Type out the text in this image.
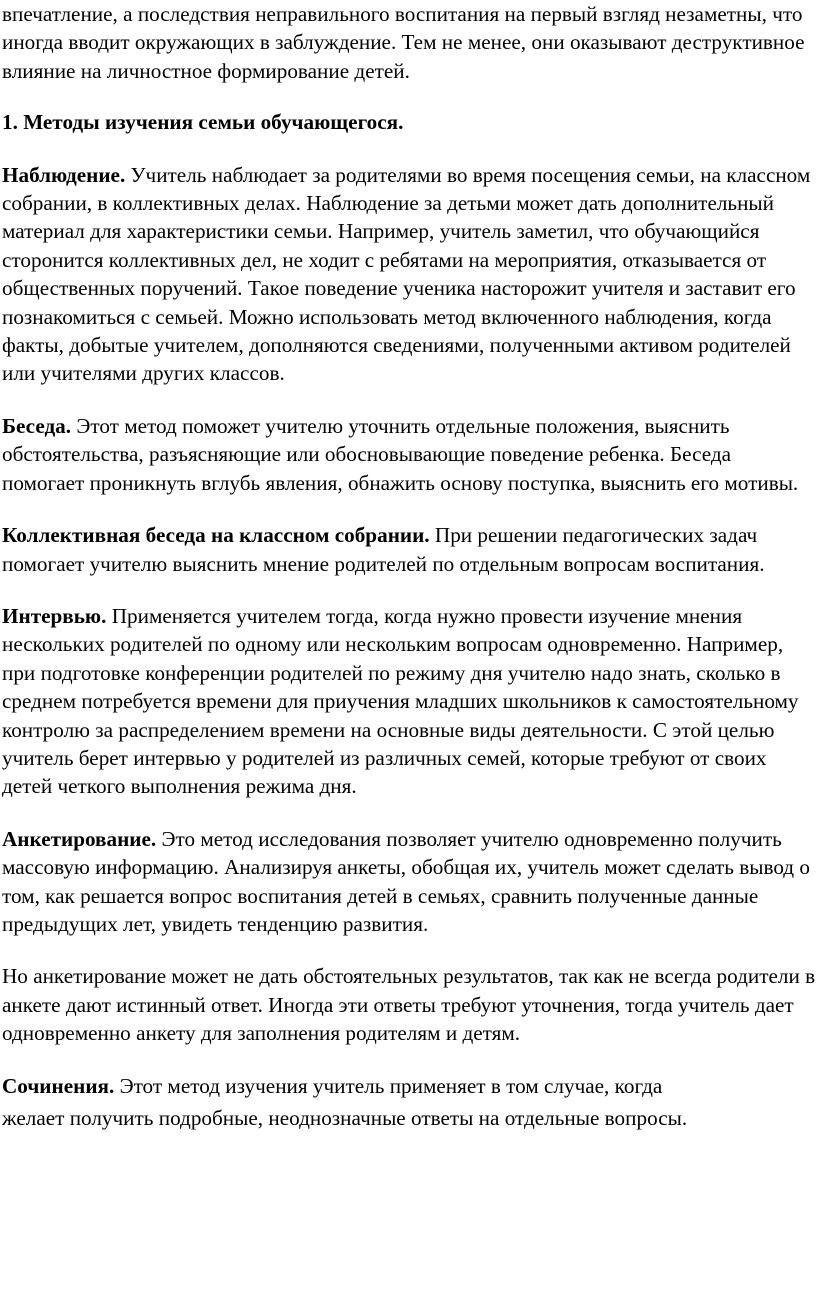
впечатление, а последствия неправильного воспитания на первый взгляд незаметны, что иногда вводит окружающих в заблуждение. Тем не менее, они оказывают деструктивное влияние на личностное формирование детей.

1. Методы изучения семьи обучающегося.

Наблюдение. Учитель наблюдает за родителями во время посещения семьи, на классном собрании, в коллективных делах. Наблюдение за детьми может дать дополнительный материал для характеристики семьи. Например, учитель заметил, что обучающийся сторонится коллективных дел, не ходит с ребятами на мероприятия, отказывается от общественных поручений. Такое поведение ученика насторожит учителя и заставит его познакомиться с семьей. Можно использовать метод включенного наблюдения, когда факты, добытые учителем, дополняются сведениями, полученными активом родителей или учителями других классов.

Беседа. Этот метод поможет учителю уточнить отдельные положения, выяснить обстоятельства, разъясняющие или обосновывающие поведение ребенка. Беседа помогает проникнуть вглубь явления, обнажить основу поступка, выяснить его мотивы.

Коллективная беседа на классном собрании. При решении педагогических задач помогает учителю выяснить мнение родителей по отдельным вопросам воспитания.

Интервью. Применяется учителем тогда, когда нужно провести изучение мнения нескольких родителей по одному или нескольким вопросам одновременно. Например, при подготовке конференции родителей по режиму дня учителю надо знать, сколько в среднем потребуется времени для приучения младших школьников к самостоятельному контролю за распределением времени на основные виды деятельности. С этой целью учитель берет интервью у родителей из различных семей, которые требуют от своих детей четкого выполнения режима дня.

Анкетирование. Это метод исследования позволяет учителю одновременно получить массовую информацию. Анализируя анкеты, обобщая их, учитель может сделать вывод о том, как решается вопрос воспитания детей в семьях, сравнить полученные данные предыдущих лет, увидеть тенденцию развития.

Но анкетирование может не дать обстоятельных результатов, так как не всегда родители в анкете дают истинный ответ. Иногда эти ответы требуют уточнения, тогда учитель дает одновременно анкету для заполнения родителям и детям.

Сочинения. Этот метод изучения учитель применяет в том случае, когда
желает получить подробные, неоднозначные ответы на отдельные вопросы.
